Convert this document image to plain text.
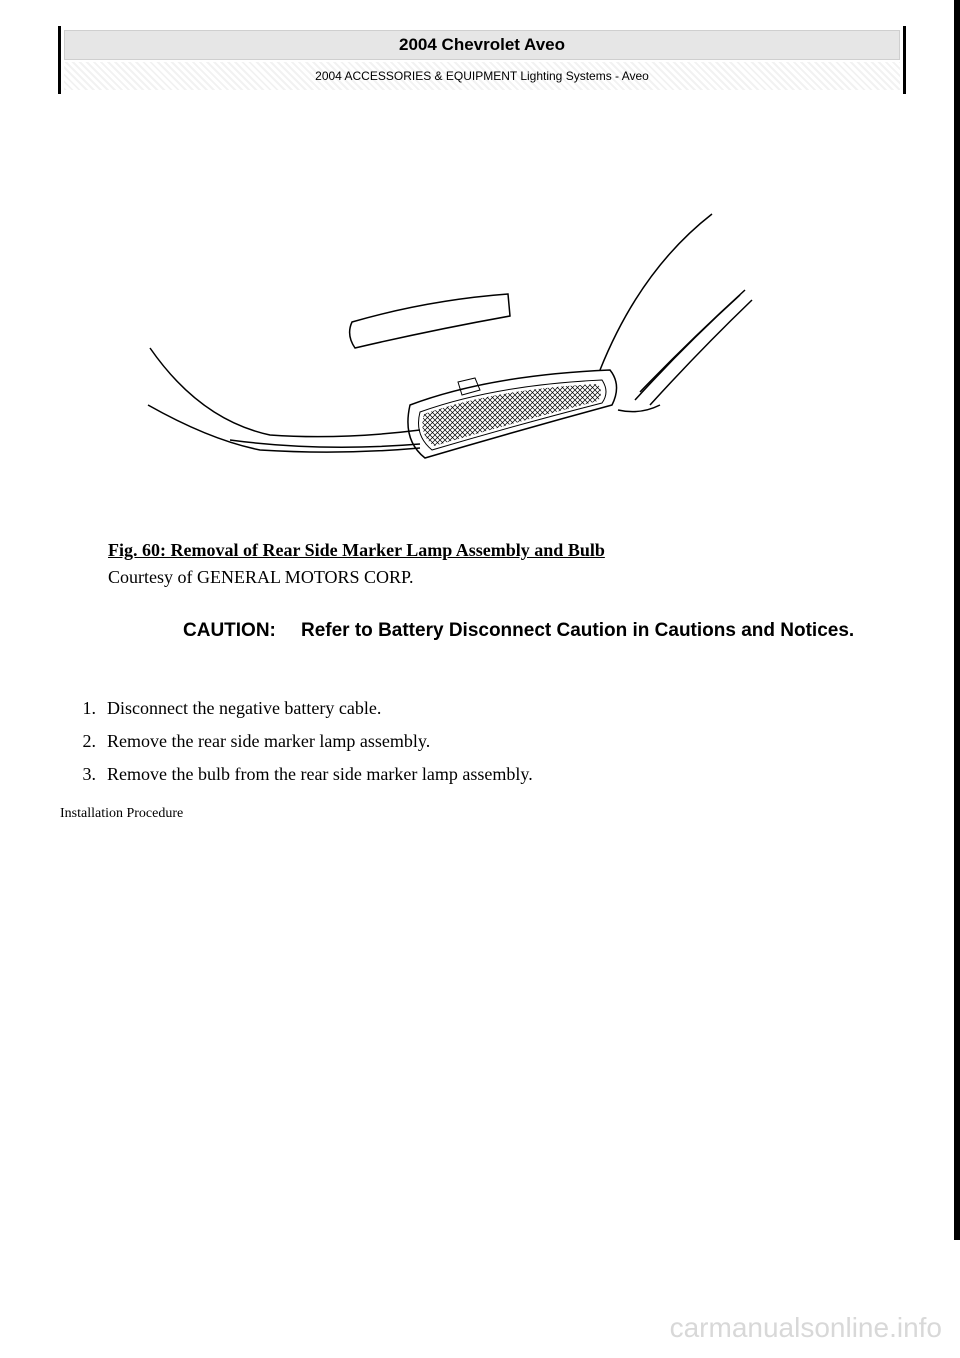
2004 Chevrolet Aveo
2004 ACCESSORIES & EQUIPMENT Lighting Systems - Aveo
Fig. 60: Removal of Rear Side Marker Lamp Assembly and Bulb
Courtesy of GENERAL MOTORS CORP.
CAUTION: Refer to Battery Disconnect Caution in Cautions and Notices.
1. Disconnect the negative battery cable.
2. Remove the rear side marker lamp assembly.
3. Remove the bulb from the rear side marker lamp assembly.
Installation Procedure
carmanualsonline.info
